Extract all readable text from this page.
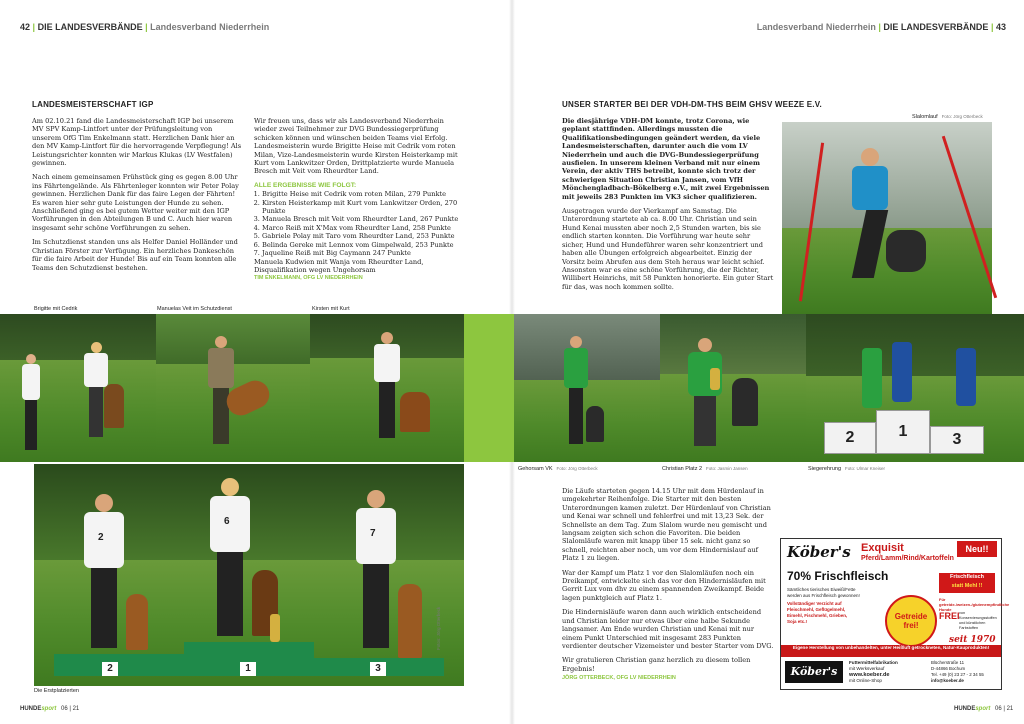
42 | DIE LANDESVERBÄNDE | Landesverband Niederrhein	Landesverband Niederrhein | DIE LANDESVERBÄNDE | 43
LANDESMEISTERSCHAFT IGP

Am 02.10.21 fand die Landesmeisterschaft IGP bei unserem MV SPV Kamp-Lintfort unter der Prüfungsleitung von unserem OfG Tim Enkelmann statt. Herzlichen Dank hier an den MV Kamp-Lintfort für die hervorragende Verpflegung! Als Leistungsrichter konnten wir Markus Klukas (LV Westfalen) gewinnen.

Nach einem gemeinsamen Frühstück ging es gegen 8.00 Uhr ins Fährtengelände. Als Fährtenleger konnten wir Peter Polay gewinnen. Herzlichen Dank für das faire Legen der Fährten! Es waren hier sehr gute Leistungen der Hunde zu sehen. Anschließend ging es bei gutem Wetter weiter mit den IGP Vorführungen in den Abteilungen B und C. Auch hier waren insgesamt sehr schöne Vorführungen zu sehen.

Im Schutzdienst standen uns als Helfer Daniel Holländer und Christian Förster zur Verfügung. Ein herzliches Dankeschön für die faire Arbeit der Hunde! Bis auf ein Team konnten alle Teams den Schutzdienst bestehen.

Wir freuen uns, dass wir als Landesverband Niederrhein wieder zwei Teilnehmer zur DVG Bundessiegerprüfung schicken können und wünschen beiden Teams viel Erfolg. Landesmeisterin wurde Brigitte Heise mit Cedrik vom roten Milan, Vize-Landesmeisterin wurde Kirsten Heisterkamp mit Kurt vom Lankwitzer Orden, Drittplatzierte wurde Manuela Bresch mit Veit vom Rheurdter Land.

ALLE ERGEBNISSE WIE FOLGT:
1. Brigitte Heise mit Cedrik vom roten Milan, 279 Punkte
2. Kirsten Heisterkamp mit Kurt vom Lankwitzer Orden, 270 Punkte
3. Manuela Bresch mit Veit vom Rheurdter Land, 267 Punkte
4. Marco Reiß mit X'Max vom Rheurdter Land, 258 Punkte
5. Gabriele Polay mit Taro vom Rheurdter Land, 253 Punkte
6. Belinda Gereke mit Lennox vom Gimpelwald, 253 Punkte
7. Jaqueline Reiß mit Big Caymann 247 Punkte
Manuela Kudwien mit Wanja vom Rheurdter Land, Disqualifikation wegen Ungehorsam
TIM ENKELMANN, OFG LV NIEDERRHEIN
Brigitte mit Cedrik	Manuelas Veit im Schutzdienst	Kirsten mit Kurt
2	1	3
Gehorsam VK Foto: Jörg Otterbeck	Christian Platz 2 Foto: Jasmin Jansen	Siegerehrung Foto: Ulmar Kneiser
2	1	3
2
6
7
Die Erstplatzierten
Fotos: Jörg Otterbeck
UNSER STARTER BEI DER VDH-DM-THS BEIM GHSV WEEZE E.V.

Die diesjährige VDH-DM konnte, trotz Corona, wie geplant stattfinden. Allerdings mussten die Qualifikationsbedingungen geändert werden, da viele Landesmeisterschaften, darunter auch die vom LV Niederrhein und auch die DVG-Bundessiegerprüfung ausfielen. In unserem kleinen Verband mit nur einem Verein, der aktiv THS betreibt, konnte sich trotz der schwierigen Situation Christian Jansen, vom VfH Mönchengladbach-Bökelberg e.V., mit zwei Ergebnissen mit jeweils 283 Punkten im VK3 sicher qualifizieren.

Ausgetragen wurde der Vierkampf am Samstag. Die Unterordnung startete ab ca. 8.00 Uhr. Christian und sein Hund Kenai mussten aber noch 2,5 Stunden warten, bis sie endlich starten konnten. Die Vorführung war heute sehr sicher, Hund und Hundeführer waren sehr konzentriert und haben alle Übungen erfolgreich abgearbeitet. Einzig der Vorsitz beim Abrufen aus dem Steh heraus war leicht schief. Ansonsten war es eine schöne Vorführung, die der Richter, Willibert Heinrichs, mit 58 Punkten honorierte. Ein guter Start für das, was noch kommen sollte.

Slalomlauf Foto: Jörg Otterbeck

Die Läufe starteten gegen 14.15 Uhr mit dem Hürdenlauf in umgekehrter Reihenfolge. Die Starter mit den besten Unterordnungen kamen zuletzt. Der Hürdenlauf von Christian und Kenai war schnell und fehlerfrei und mit 13,23 Sek. der Schnellste an dem Tag. Zum Slalom wurde neu gemischt und langsam zeigten sich schon die Favoriten. Die beiden Slalomläufe waren mit knapp über 15 sek. nicht ganz so schnell, reichten aber noch, um vor dem Hindernislauf auf Platz 1 zu liegen.

War der Kampf um Platz 1 vor den Slalomläufen noch ein Dreikampf, entwickelte sich das vor den Hindernisläufen mit Gerrit Lux vom dhv zu einem spannenden Zweikampf. Beide lagen punktgleich auf Platz 1.

Die Hindernisläufe waren dann auch wirklich entscheidend und Christian leider nur etwas über eine halbe Sekunde langsamer. Am Ende wurden Christian und Kenai mit nur einem Punkt Unterschied mit insgesamt 283 Punkten verdienter deutscher Vizemeister und bester Starter vom DVG.

Wir gratulieren Christian ganz herzlich zu diesem tollen Ergebnis!

JÖRG OTTERBECK, OFG LV NIEDERRHEIN
Köber's Exquisit
Pferd/Lamm/Rind/Kartoffeln
Neu!!
70% Frischfleisch	Frischfleisch
statt Mehl !!
Sämtliches tierisches Eiweiß/Fette
werden aus Frischfleisch gewonnen!
Vollständiger Verzicht auf
Fleischmehl, Geflügelmehl,
Eimehl, Fischmehl, Grieben,
Soja etc.!
Getreide frei!
Für getreide-/weizen-/glutenempfindliche Hunde
FREI von Konservierungsstoffen und künstlichen Farbstoffen
seit 1970
Eigene Herstellung von unbehandelten, unter Heißluft getrockneten, Natur-Kauprodukten!
Köber's
Futtermittelfabrikation
mit Werksverkauf
www.koeber.de
mit Online-Shop
Blücherstraße 11
D-44866 Bochum
Tel. +49 (0) 23 27 - 2 34 55
info@koeber.de
HUNDEsport 06 | 21	HUNDEsport 06 | 21
